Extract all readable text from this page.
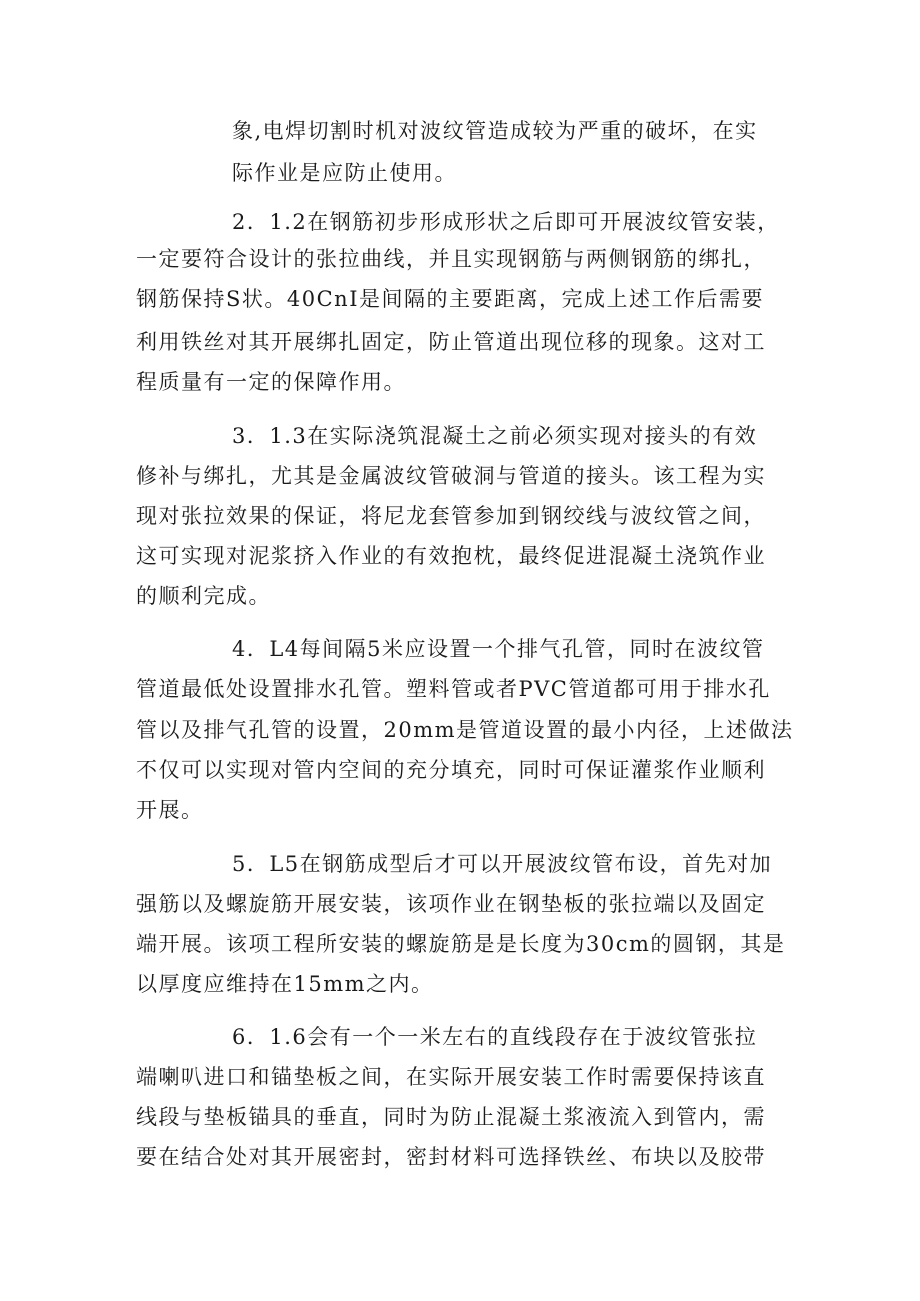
象,电焊切割时机对波纹管造成较为严重的破坏，在实
际作业是应防止使用。
2．1.2在钢筋初步形成形状之后即可开展波纹管安装，
一定要符合设计的张拉曲线，并且实现钢筋与两侧钢筋的绑扎，
钢筋保持S状。40CnI是间隔的主要距离，完成上述工作后需要
利用铁丝对其开展绑扎固定，防止管道出现位移的现象。这对工
程质量有一定的保障作用。
3．1.3在实际浇筑混凝土之前必须实现对接头的有效
修补与绑扎，尤其是金属波纹管破洞与管道的接头。该工程为实
现对张拉效果的保证，将尼龙套管参加到钢绞线与波纹管之间，
这可实现对泥浆挤入作业的有效抱枕，最终促进混凝土浇筑作业
的顺利完成。
4．L4每间隔5米应设置一个排气孔管，同时在波纹管
管道最低处设置排水孔管。塑料管或者PVC管道都可用于排水孔
管以及排气孔管的设置，20mm是管道设置的最小内径，上述做法
不仅可以实现对管内空间的充分填充，同时可保证灌浆作业顺利
开展。
5．L5在钢筋成型后才可以开展波纹管布设，首先对加
强筋以及螺旋筋开展安装，该项作业在钢垫板的张拉端以及固定
端开展。该项工程所安装的螺旋筋是是长度为30cm的圆钢，其是
以厚度应维持在15mm之内。
6．1.6会有一个一米左右的直线段存在于波纹管张拉
端喇叭进口和锚垫板之间，在实际开展安装工作时需要保持该直
线段与垫板锚具的垂直，同时为防止混凝土浆液流入到管内，需
要在结合处对其开展密封，密封材料可选择铁丝、布块以及胶带
